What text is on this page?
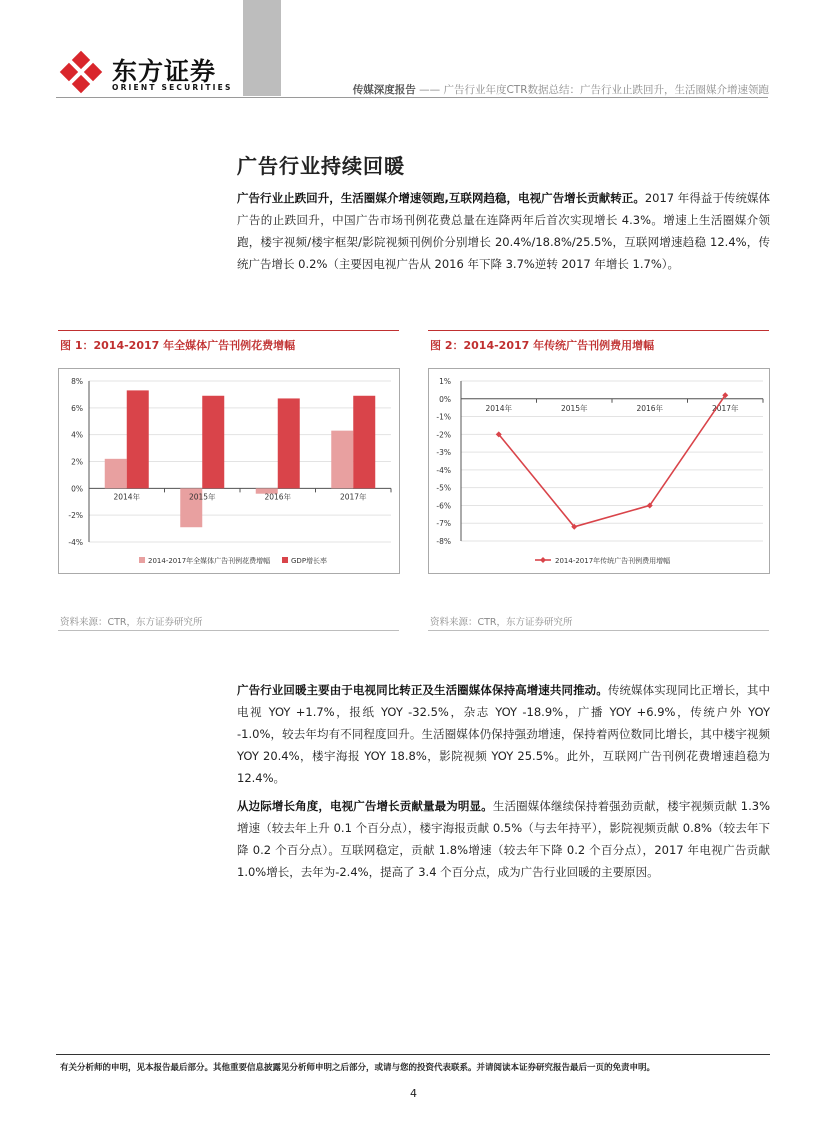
东方证券
ORIENT SECURITIES	传媒深度报告 —— 广告行业年度CTR数据总结：广告行业止跌回升，生活圈媒介增速领跑
广告行业持续回暖
广告行业止跌回升，生活圈媒介增速领跑,互联网趋稳，电视广告增长贡献转正。2017 年得益于传统媒体广告的止跌回升，中国广告市场刊例花费总量在连降两年后首次实现增长 4.3%。增速上生活圈媒介领跑，楼宇视频/楼宇框架/影院视频刊例价分别增长 20.4%/18.8%/25.5%，互联网增速趋稳 12.4%，传统广告增长 0.2%（主要因电视广告从 2016 年下降 3.7%逆转 2017 年增长 1.7%）。
图 1：2014-2017 年全媒体广告刊例花费增幅
8%
6%
4%
2%
0%
-2%
-4%
2014年	2015年	2016年	2017年
2014-2017年全媒体广告刊例花费增幅	GDP增长率
资料来源：CTR，东方证券研究所
图 2：2014-2017 年传统广告刊例费用增幅
1%
0%
-1%
-2%
-3%
-4%
-5%
-6%
-7%
-8%
2014年	2015年	2016年	2017年
2014-2017年传统广告刊例费用增幅
资料来源：CTR，东方证券研究所
广告行业回暖主要由于电视同比转正及生活圈媒体保持高增速共同推动。传统媒体实现同比正增长，其中电视 YOY +1.7%，报纸 YOY -32.5%，杂志 YOY -18.9%，广播 YOY +6.9%，传统户外 YOY -1.0%，较去年均有不同程度回升。生活圈媒体仍保持强劲增速，保持着两位数同比增长，其中楼宇视频 YOY 20.4%，楼宇海报 YOY 18.8%，影院视频 YOY 25.5%。此外，互联网广告刊例花费增速趋稳为 12.4%。
从边际增长角度，电视广告增长贡献量最为明显。生活圈媒体继续保持着强劲贡献，楼宇视频贡献 1.3%增速（较去年上升 0.1 个百分点），楼宇海报贡献 0.5%（与去年持平），影院视频贡献 0.8%（较去年下降 0.2 个百分点）。互联网稳定，贡献 1.8%增速（较去年下降 0.2 个百分点），2017 年电视广告贡献 1.0%增长，去年为-2.4%，提高了 3.4 个百分点，成为广告行业回暖的主要原因。
有关分析师的申明，见本报告最后部分。其他重要信息披露见分析师申明之后部分，或请与您的投资代表联系。并请阅读本证券研究报告最后一页的免责申明。
4
